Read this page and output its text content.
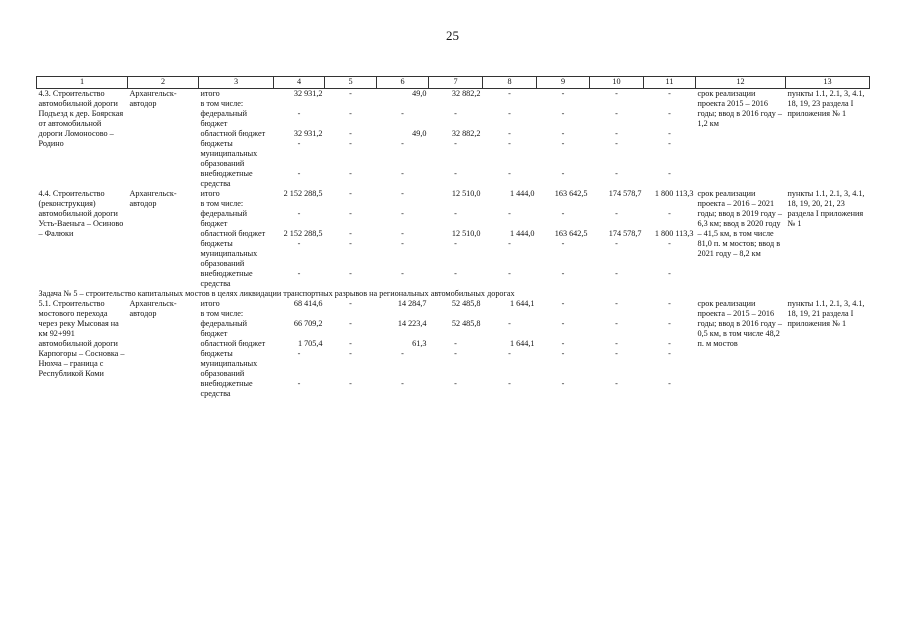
25
1	2	3	4	5	6	7	8	9	10	11	12	13
4.3. Строительство автомобильной дороги Подъезд к дер. Боярская от автомобильной дороги Ломоносово – Родино	Архангельск-автодор	итого	32 931,2	-	49,0	32 882,2	-	-	-	-	срок реализации проекта 2015 – 2016 годы; ввод в 2016 году – 1,2 км	пункты 1.1, 2.1, 3, 4.1, 18, 19, 23 раздела I приложения № 1
		в том числе:										
		федеральный бюджет	-	-	-	-	-	-	-	-		
		областной бюджет	32 931,2	-	49,0	32 882,2	-	-	-	-		
		бюджеты муниципальных образований	-	-	-	-	-	-	-	-		
		внебюджетные средства	-	-	-	-	-	-	-	-		
4.4. Строительство (реконструкция) автомобильной дороги Усть-Ваеньга – Осиново – Фалюки	Архангельск-автодор	итого	2 152 288,5	-	-	12 510,0	1 444,0	163 642,5	174 578,7	1 800 113,3	срок реализации проекта – 2016 – 2021 годы; ввод в 2019 году – 6,3 км; ввод в 2020 году – 41,5 км, в том числе 81,0 п. м мостов; ввод в 2021 году – 8,2 км	пункты 1.1, 2.1, 3, 4.1, 18, 19, 20, 21, 23 раздела I приложения № 1
		в том числе:										
		федеральный бюджет	-	-	-	-	-	-	-	-		
		областной бюджет	2 152 288,5	-	-	12 510,0	1 444,0	163 642,5	174 578,7	1 800 113,3		
		бюджеты муниципальных образований	-	-	-	-	-	-	-	-		
		внебюджетные средства	-	-	-	-	-	-	-	-		
Задача № 5 – строительство капитальных мостов в целях ликвидации транспортных разрывов на региональных автомобильных дорогах												
5.1. Строительство мостового перехода через реку Мысовая на км 92+991 автомобильной дороги Карпогоры – Сосновка – Нюхча – граница с Республикой Коми	Архангельск-автодор	итого	68 414,6	-	14 284,7	52 485,8	1 644,1	-	-	-	срок реализации проекта – 2015 – 2016 годы; ввод в 2016 году – 0,5 км, в том числе 48,2 п. м мостов	пункты 1.1, 2.1, 3, 4.1, 18, 19, 21 раздела I приложения № 1
		в том числе:										
		федеральный бюджет	66 709,2	-	14 223,4	52 485,8	-	-	-	-		
		областной бюджет	1 705,4	-	61,3	-	1 644,1	-	-	-		
		бюджеты муниципальных образований	-	-	-	-	-	-	-	-		
		внебюджетные средства	-	-	-	-	-	-	-	-		
